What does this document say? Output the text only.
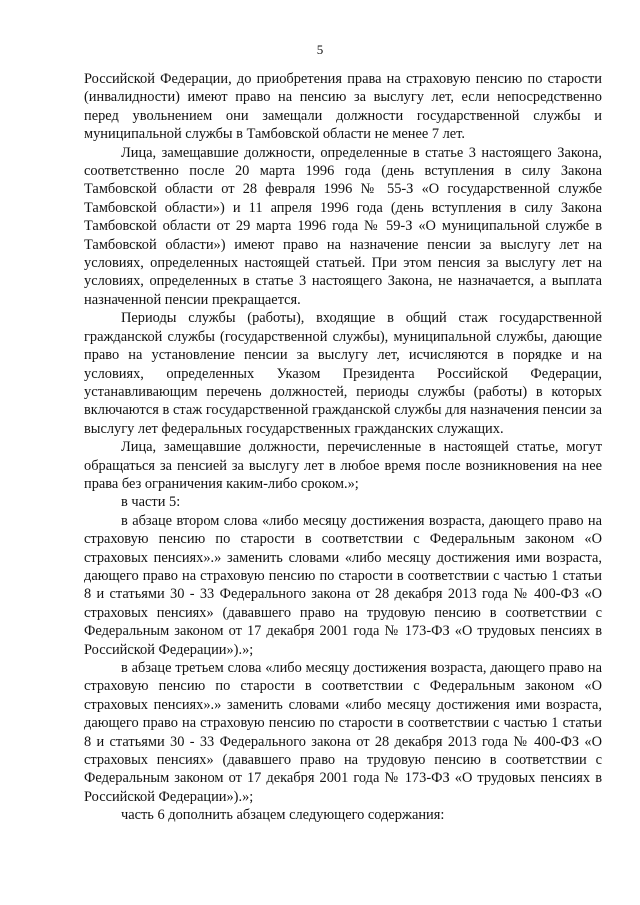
5

Российской Федерации, до приобретения права на страховую пенсию по старости (инвалидности) имеют право на пенсию за выслугу лет, если непосредственно перед увольнением они замещали должности государственной службы и муниципальной службы в Тамбовской области не менее 7 лет.

Лица, замещавшие должности, определенные в статье 3 настоящего Закона, соответственно после 20 марта 1996 года (день вступления в силу Закона Тамбовской области от 28 февраля 1996 № 55-З «О государственной службе Тамбовской области») и 11 апреля 1996 года (день вступления в силу Закона Тамбовской области от 29 марта 1996 года № 59-З «О муниципальной службе в Тамбовской области») имеют право на назначение пенсии за выслугу лет на условиях, определенных настоящей статьей. При этом пенсия за выслугу лет на условиях, определенных в статье 3 настоящего Закона, не назначается, а выплата назначенной пенсии прекращается.

Периоды службы (работы), входящие в общий стаж государственной гражданской службы (государственной службы), муниципальной службы, дающие право на установление пенсии за выслугу лет, исчисляются в порядке и на условиях, определенных Указом Президента Российской Федерации, устанавливающим перечень должностей, периоды службы (работы) в которых включаются в стаж государственной гражданской службы для назначения пенсии за выслугу лет федеральных государственных гражданских служащих.

Лица, замещавшие должности, перечисленные в настоящей статье, могут обращаться за пенсией за выслугу лет в любое время после возникновения на нее права без ограничения каким-либо сроком.»;

в части 5:

в абзаце втором слова «либо месяцу достижения возраста, дающего право на страховую пенсию по старости в соответствии с Федеральным законом «О страховых пенсиях».» заменить словами «либо месяцу достижения ими возраста, дающего право на страховую пенсию по старости в соответствии с частью 1 статьи 8 и статьями 30 - 33 Федерального закона от 28 декабря 2013 года № 400-ФЗ «О страховых пенсиях» (дававшего право на трудовую пенсию в соответствии с Федеральным законом от 17 декабря 2001 года № 173-ФЗ «О трудовых пенсиях в Российской Федерации»).»;

в абзаце третьем слова «либо месяцу достижения возраста, дающего право на страховую пенсию по старости в соответствии с Федеральным законом «О страховых пенсиях».» заменить словами «либо месяцу достижения ими возраста, дающего право на страховую пенсию по старости в соответствии с частью 1 статьи 8 и статьями 30 - 33 Федерального закона от 28 декабря 2013 года № 400-ФЗ «О страховых пенсиях» (дававшего право на трудовую пенсию в соответствии с Федеральным законом от 17 декабря 2001 года № 173-ФЗ «О трудовых пенсиях в Российской Федерации»).»;

часть 6 дополнить абзацем следующего содержания:
